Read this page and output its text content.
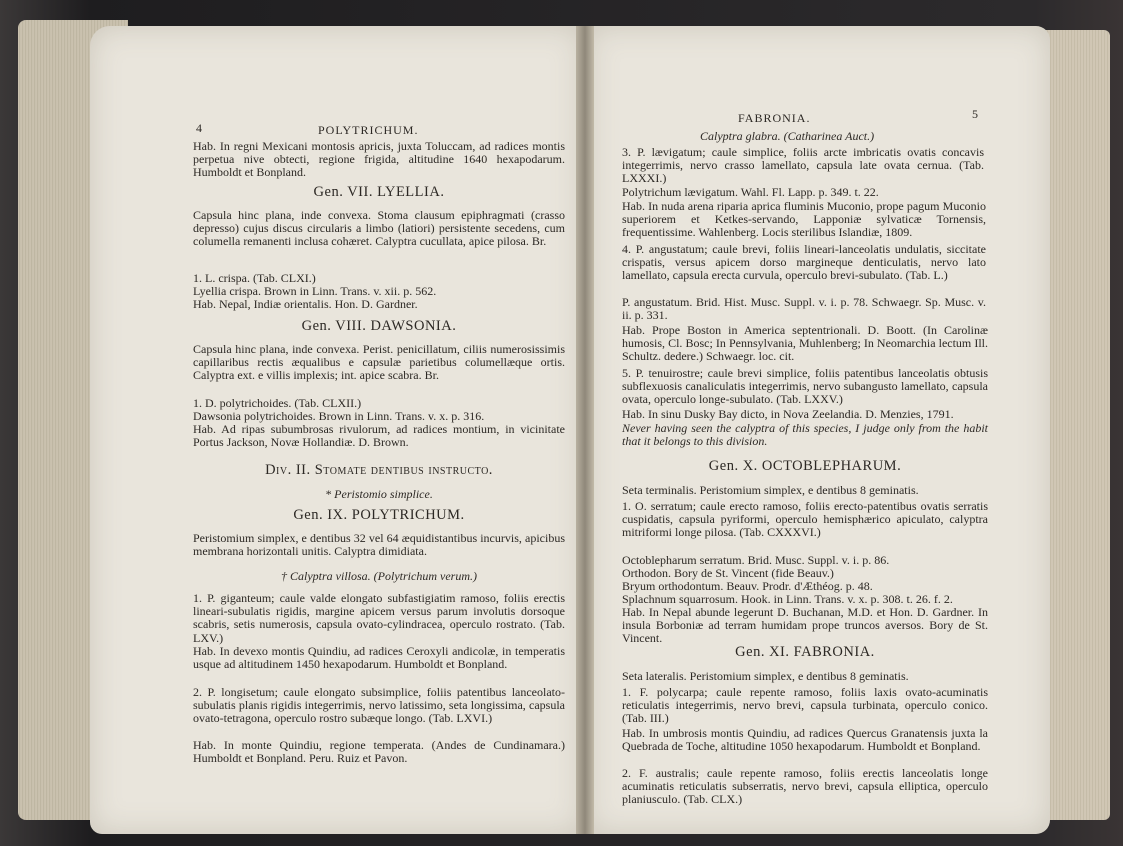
4	POLYTRICHUM.
Hab. In regni Mexicani montosis apricis, juxta Toluccam, ad radices montis perpetua nive obtecti, regione frigida, altitudine 1640 hexapodarum. Humboldt et Bonpland.
Gen. VII. LYELLIA.
Capsula hinc plana, inde convexa. Stoma clausum epiphragmati (crasso depresso) cujus discus circularis a limbo (latiori) persistente secedens, cum columella remanenti inclusa cohæret. Calyptra cucullata, apice pilosa. Br.
1. L. crispa. (Tab. CLXI.)
Lyellia crispa. Brown in Linn. Trans. v. xii. p. 562.
Hab. Nepal, Indiæ orientalis. Hon. D. Gardner.
Gen. VIII. DAWSONIA.
Capsula hinc plana, inde convexa. Perist. penicillatum, ciliis numerosissimis capillaribus rectis æqualibus e capsulæ parietibus columellæque ortis. Calyptra ext. e villis implexis; int. apice scabra. Br.
1. D. polytrichoides. (Tab. CLXII.)
Dawsonia polytrichoides. Brown in Linn. Trans. v. x. p. 316.
Hab. Ad ripas subumbrosas rivulorum, ad radices montium, in vicinitate Portus Jackson, Novæ Hollandiæ. D. Brown.
Div. II. Stomate dentibus instructo.
* Peristomio simplice.
Gen. IX. POLYTRICHUM.
Peristomium simplex, e dentibus 32 vel 64 æquidistantibus incurvis, apicibus membrana horizontali unitis. Calyptra dimidiata.
† Calyptra villosa. (Polytrichum verum.)
1. P. giganteum; caule valde elongato subfastigiatim ramoso, foliis erectis lineari-subulatis rigidis, margine apicem versus parum involutis dorsoque scabris, setis numerosis, capsula ovato-cylindracea, operculo rostrato. (Tab. LXV.)
Hab. In devexo montis Quindiu, ad radices Ceroxyli andicolæ, in temperatis usque ad altitudinem 1450 hexapodarum. Humboldt et Bonpland.
2. P. longisetum; caule elongato subsimplice, foliis patentibus lanceolato-subulatis planis rigidis integerrimis, nervo latissimo, seta longissima, capsula ovato-tetragona, operculo rostro subæque longo. (Tab. LXVI.)
Hab. In monte Quindiu, regione temperata. (Andes de Cundinamara.) Humboldt et Bonpland. Peru. Ruiz et Pavon.
FABRONIA.	5
Calyptra glabra. (Catharinea Auct.)
3. P. lævigatum; caule simplice, foliis arcte imbricatis ovatis concavis integerrimis, nervo crasso lamellato, capsula late ovata cernua. (Tab. LXXXI.)
Polytrichum lævigatum. Wahl. Fl. Lapp. p. 349. t. 22.
Hab. In nuda arena riparia aprica fluminis Muconio, prope pagum Muconio superiorem et Ketkes-servando, Lapponiæ sylvaticæ Tornensis, frequentissime. Wahlenberg. Locis sterilibus Islandiæ, 1809.
4. P. angustatum; caule brevi, foliis lineari-lanceolatis undulatis, siccitate crispatis, versus apicem dorso margineque denticulatis, nervo lato lamellato, capsula erecta curvula, operculo brevi-subulato. (Tab. L.)
P. angustatum. Brid. Hist. Musc. Suppl. v. i. p. 78. Schwaegr. Sp. Musc. v. ii. p. 331.
Hab. Prope Boston in America septentrionali. D. Boott. (In Carolinæ humosis, Cl. Bosc; In Pennsylvania, Muhlenberg; In Neomarchia lectum Ill. Schultz. dedere.) Schwaegr. loc. cit.
5. P. tenuirostre; caule brevi simplice, foliis patentibus lanceolatis obtusis subflexuosis canaliculatis integerrimis, nervo subangusto lamellato, capsula ovata, operculo longe-subulato. (Tab. LXXV.)
Hab. In sinu Dusky Bay dicto, in Nova Zeelandia. D. Menzies, 1791.
Never having seen the calyptra of this species, I judge only from the habit that it belongs to this division.
Gen. X. OCTOBLEPHARUM.
Seta terminalis. Peristomium simplex, e dentibus 8 geminatis.
1. O. serratum; caule erecto ramoso, foliis erecto-patentibus ovatis serratis cuspidatis, capsula pyriformi, operculo hemisphærico apiculato, calyptra mitriformi longe pilosa. (Tab. CXXXVI.)
Octoblepharum serratum. Brid. Musc. Suppl. v. i. p. 86.
Orthodon. Bory de St. Vincent (fide Beauv.)
Bryum orthodontum. Beauv. Prodr. d'Æthéog. p. 48.
Splachnum squarrosum. Hook. in Linn. Trans. v. x. p. 308. t. 26. f. 2.
Hab. In Nepal abunde legerunt D. Buchanan, M.D. et Hon. D. Gardner. In insula Borboniæ ad terram humidam prope truncos aversos. Bory de St. Vincent.
Gen. XI. FABRONIA.
Seta lateralis. Peristomium simplex, e dentibus 8 geminatis.
1. F. polycarpa; caule repente ramoso, foliis laxis ovato-acuminatis reticulatis integerrimis, nervo brevi, capsula turbinata, operculo conico. (Tab. III.)
Hab. In umbrosis montis Quindiu, ad radices Quercus Granatensis juxta la Quebrada de Toche, altitudine 1050 hexapodarum. Humboldt et Bonpland.
2. F. australis; caule repente ramoso, foliis erectis lanceolatis longe acuminatis reticulatis subserratis, nervo brevi, capsula elliptica, operculo planiusculo. (Tab. CLX.)
